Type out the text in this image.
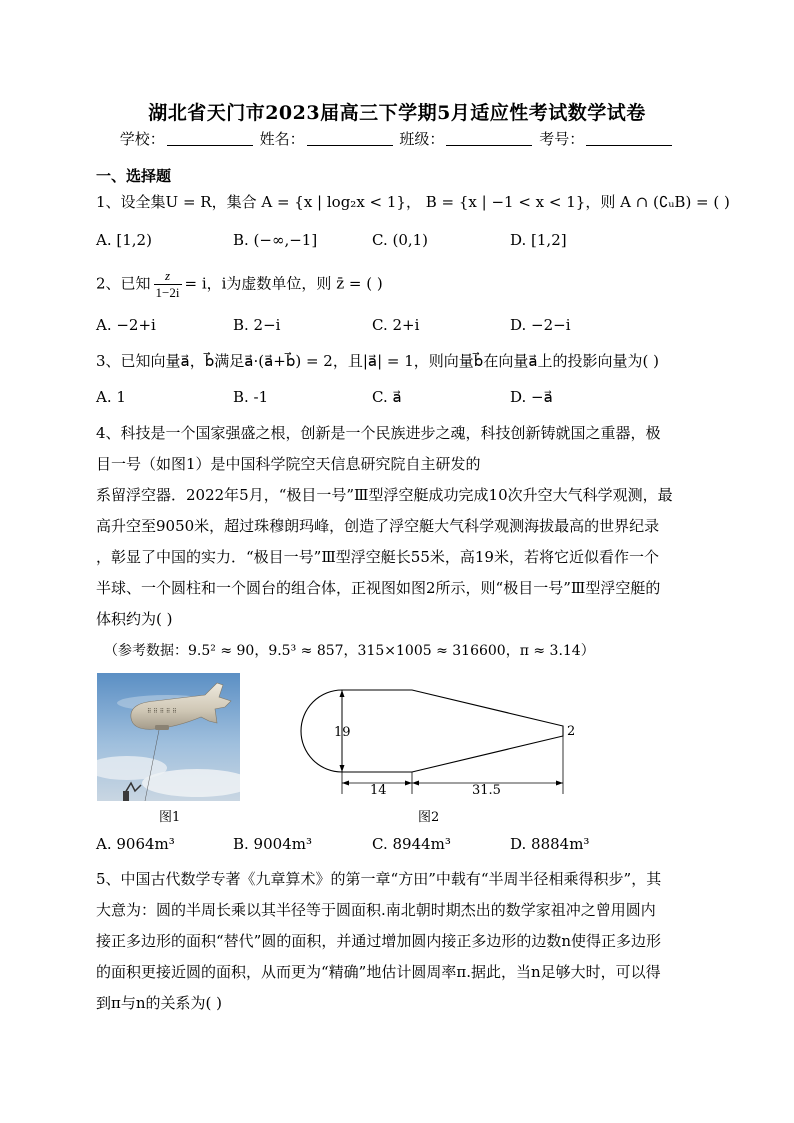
湖北省天门市2023届高三下学期5月适应性考试数学试卷
学校：	姓名：	班级：	考号：
一、选择题
1、设全集U = R，集合 A = {x | log₂x < 1}， B = {x | −1 < x < 1}，则 A ∩ (∁ᵤB) = ( )
A. [1,2)	B. (−∞,−1]	C. (0,1)	D. [1,2]
2、已知 $\frac{z}{1-2i} = i$，i为虚数单位，则 z̄ = ( )
A. −2+i	B. 2−i	C. 2+i	D. −2−i
3、已知向量a⃗，b⃗满足a⃗·(a⃗+b⃗) = 2，且|a⃗| = 1，则向量b⃗在向量a⃗上的投影向量为( )
A. 1	B. -1	C. a⃗	D. −a⃗
4、科技是一个国家强盛之根，创新是一个民族进步之魂，科技创新铸就国之重器，极
目一号（如图1）是中国科学院空天信息研究院自主研发的
系留浮空器．2022年5月，“极目一号”Ⅲ型浮空艇成功完成10次升空大气科学观测，最
高升空至9050米，超过珠穆朗玛峰，创造了浮空艇大气科学观测海拔最高的世界纪录
，彰显了中国的实力．“极目一号”Ⅲ型浮空艇长55米，高19米，若将它近似看作一个
半球、一个圆柱和一个圆台的组合体，正视图如图2所示，则“极目一号”Ⅲ型浮空艇的
体积约为( )
（参考数据：9.5² ≈ 90，9.5³ ≈ 857，315×1005 ≈ 316600，π ≈ 3.14）
⠿ ⠿ ⠿ ⠿ ⠿
图1
19	2
14	31.5
图2
A. 9064m³	B. 9004m³	C. 8944m³	D. 8884m³
5、中国古代数学专著《九章算术》的第一章“方田”中载有“半周半径相乘得积步”，其
大意为：圆的半周长乘以其半径等于圆面积.南北朝时期杰出的数学家祖冲之曾用圆内
接正多边形的面积“替代”圆的面积，并通过增加圆内接正多边形的边数n使得正多边形
的面积更接近圆的面积，从而更为“精确”地估计圆周率π.据此，当n足够大时，可以得
到π与n的关系为( )
